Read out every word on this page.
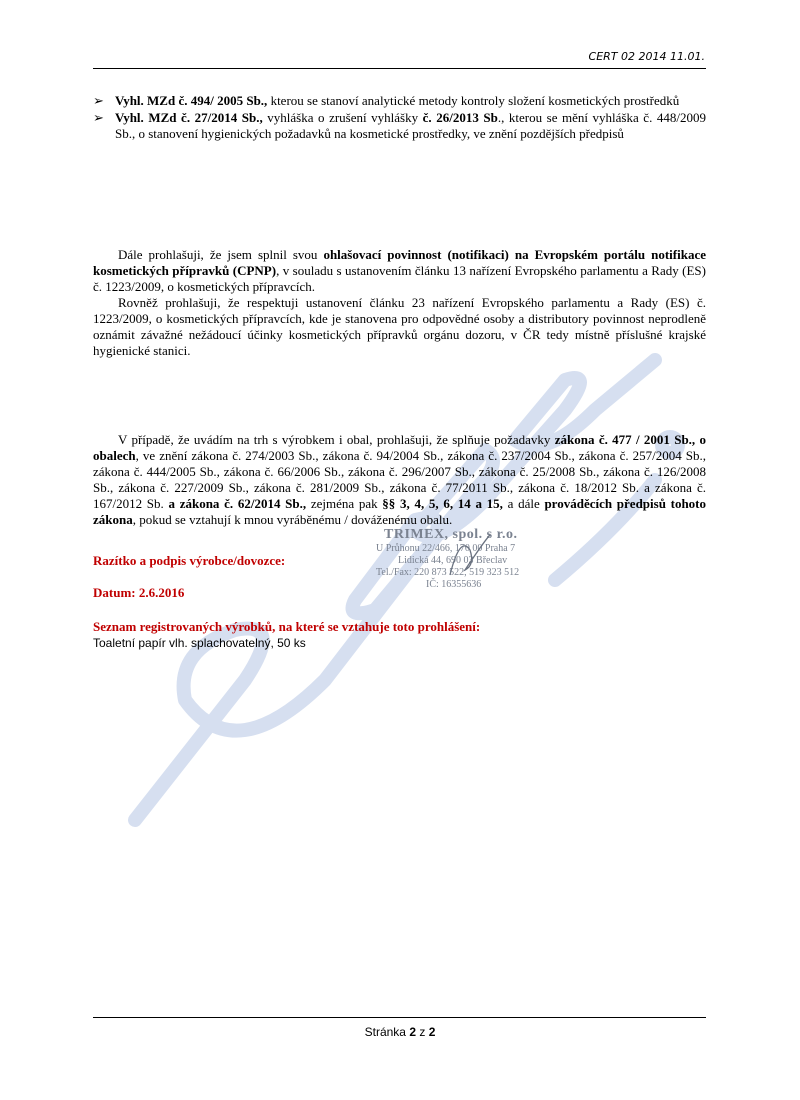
CERT 02 2014 11.01.
➢ Vyhl. MZd č. 494/ 2005 Sb., kterou se stanoví analytické metody kontroly složení kosmetických prostředků
➢ Vyhl. MZd č. 27/2014 Sb., vyhláška o zrušení vyhlášky č. 26/2013 Sb., kterou se mění vyhláška č. 448/2009 Sb., o stanovení hygienických požadavků na kosmetické prostředky, ve znění pozdějších předpisů

Dále prohlašuji, že jsem splnil svou ohlašovací povinnost (notifikaci) na Evropském portálu notifikace kosmetických přípravků (CPNP), v souladu s ustanovením článku 13 nařízení Evropského parlamentu a Rady (ES) č. 1223/2009, o kosmetických přípravcích.

Rovněž prohlašuji, že respektuji ustanovení článku 23 nařízení Evropského parlamentu a Rady (ES) č. 1223/2009, o kosmetických přípravcích, kde je stanovena pro odpovědné osoby a distributory povinnost neprodleně oznámit závažné nežádoucí účinky kosmetických přípravků orgánu dozoru, v ČR tedy místně příslušné krajské hygienické stanici.

V případě, že uvádím na trh s výrobkem i obal, prohlašuji, že splňuje požadavky zákona č. 477 / 2001 Sb., o obalech, ve znění zákona č. 274/2003 Sb., zákona č. 94/2004 Sb., zákona č. 237/2004 Sb., zákona č. 257/2004 Sb., zákona č. 444/2005 Sb., zákona č. 66/2006 Sb., zákona č. 296/2007 Sb., zákona č. 25/2008 Sb., zákona č. 126/2008 Sb., zákona č. 227/2009 Sb., zákona č. 281/2009 Sb., zákona č. 77/2011 Sb., zákona č. 18/2012 Sb. a zákona č. 167/2012 Sb. a zákona č. 62/2014 Sb., zejména pak §§ 3, 4, 5, 6, 14 a 15, a dále prováděcích předpisů tohoto zákona, pokud se vztahují k mnou vyráběnému / dováženému obalu.

TRIMEX, spol. s r.o.
U Průhonu 22/466, 170 00 Praha 7
Lidická 44, 690 03 Břeclav
Tel./Fax: 220 873 522, 519 323 512
IČ: 16355636
Razítko a podpis výrobce/dovozce:
Datum: 2.6.2016
Seznam registrovaných výrobků, na které se vztahuje toto prohlášení:
Toaletní papír vlh. splachovatelný, 50 ks
Stránka 2 z 2
